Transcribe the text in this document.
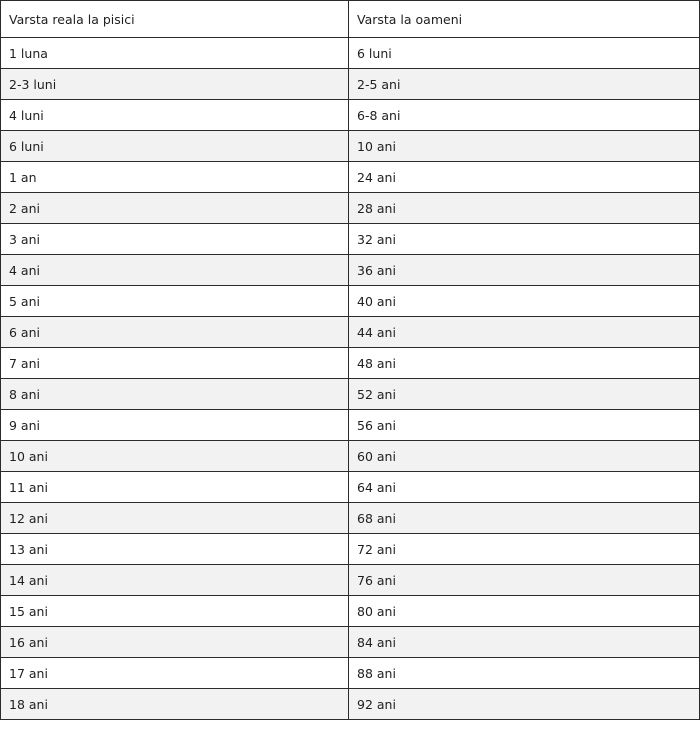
Varsta reala la pisici	Varsta la oameni
1 luna	6 luni
2-3 luni	2-5 ani
4 luni	6-8 ani
6 luni	10 ani
1 an	24 ani
2 ani	28 ani
3 ani	32 ani
4 ani	36 ani
5 ani	40 ani
6 ani	44 ani
7 ani	48 ani
8 ani	52 ani
9 ani	56 ani
10 ani	60 ani
11 ani	64 ani
12 ani	68 ani
13 ani	72 ani
14 ani	76 ani
15 ani	80 ani
16 ani	84 ani
17 ani	88 ani
18 ani	92 ani
